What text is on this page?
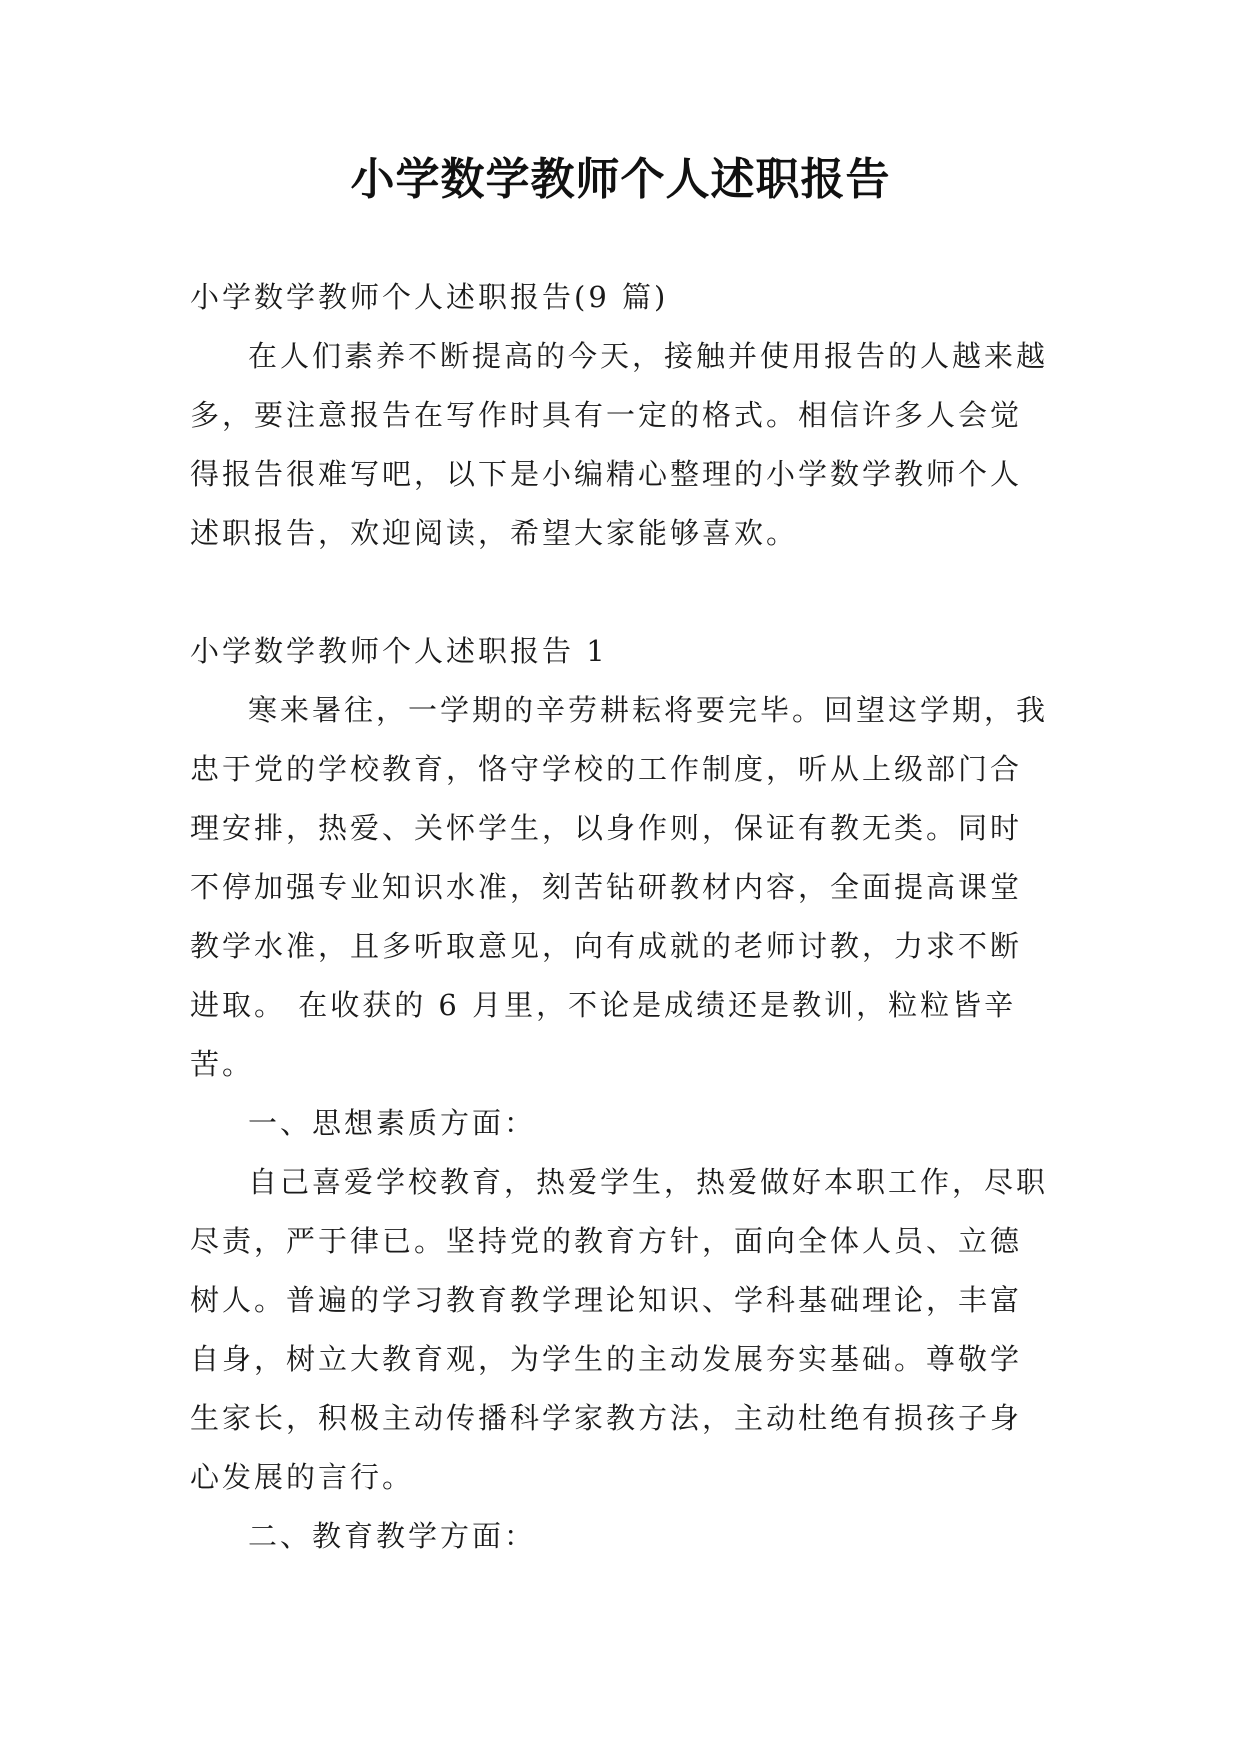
小学数学教师个人述职报告

小学数学教师个人述职报告(9 篇)

在人们素养不断提高的今天，接触并使用报告的人越来越多，要注意报告在写作时具有一定的格式。相信许多人会觉得报告很难写吧，以下是小编精心整理的小学数学教师个人述职报告，欢迎阅读，希望大家能够喜欢。

小学数学教师个人述职报告 1

寒来暑往，一学期的辛劳耕耘将要完毕。回望这学期，我忠于党的学校教育，恪守学校的工作制度，听从上级部门合理安排，热爱、关怀学生，以身作则，保证有教无类。同时不停加强专业知识水准，刻苦钻研教材内容，全面提高课堂教学水准，且多听取意见，向有成就的老师讨教，力求不断进取。 在收获的 6 月里，不论是成绩还是教训，粒粒皆辛苦。

一、思想素质方面：

自己喜爱学校教育，热爱学生，热爱做好本职工作，尽职尽责，严于律已。坚持党的教育方针，面向全体人员、立德树人。普遍的学习教育教学理论知识、学科基础理论，丰富自身，树立大教育观，为学生的主动发展夯实基础。尊敬学生家长，积极主动传播科学家教方法，主动杜绝有损孩子身心发展的言行。

二、教育教学方面：
